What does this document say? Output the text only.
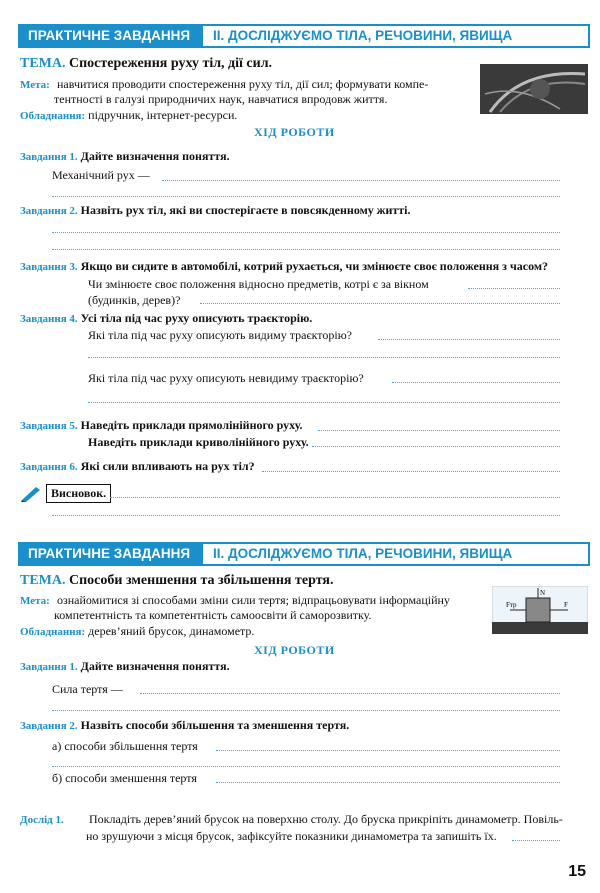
ПРАКТИЧНЕ ЗАВДАННЯ	ІІ. ДОСЛІДЖУЄМО ТІЛА, РЕЧОВИНИ, ЯВИЩА
ТЕМА. Спостереження руху тіл, дії сил.
Мета: навчитися проводити спостереження руху тіл, дії сил; формувати компе-
тентності в галузі природничих наук, навчатися впродовж життя.
Обладнання: підручник, інтернет-ресурси.
ХІД РОБОТИ
Завдання 1. Дайте визначення поняття.
Механічний рух —
Завдання 2. Назвіть рух тіл, які ви спостерігаєте в повсякденному житті.
Завдання 3. Якщо ви сидите в автомобілі, котрий рухається, чи змінюєте своє положення з часом?
Чи змінюєте своє положення відносно предметів, котрі є за вікном
(будинків, дерев)?
Завдання 4. Усі тіла під час руху описують траєкторію.
Які тіла під час руху описують видиму траєкторію?
Які тіла під час руху описують невидиму траєкторію?
Завдання 5. Наведіть приклади прямолінійного руху.
Наведіть приклади криволінійного руху.
Завдання 6. Які сили впливають на рух тіл?
Висновок.
ПРАКТИЧНЕ ЗАВДАННЯ	ІІ. ДОСЛІДЖУЄМО ТІЛА, РЕЧОВИНИ, ЯВИЩА
ТЕМА. Способи зменшення та збільшення тертя.
N
Fтр	F
Мета: ознайомитися зі способами зміни сили тертя; відпрацьовувати інформаційну
компетентність та компетентність самоосвіти й саморозвитку.
Обладнання: дерев’яний брусок, динамометр.
ХІД РОБОТИ
Завдання 1. Дайте визначення поняття.
Сила тертя —
Завдання 2. Назвіть способи збільшення та зменшення тертя.
а) способи збільшення тертя
б) способи зменшення тертя
Дослід 1. Покладіть дерев’яний брусок на поверхню столу. До бруска прикріпіть динамометр. Повіль-
но зрушуючи з місця брусок, зафіксуйте показники динамометра та запишіть їх.
15
